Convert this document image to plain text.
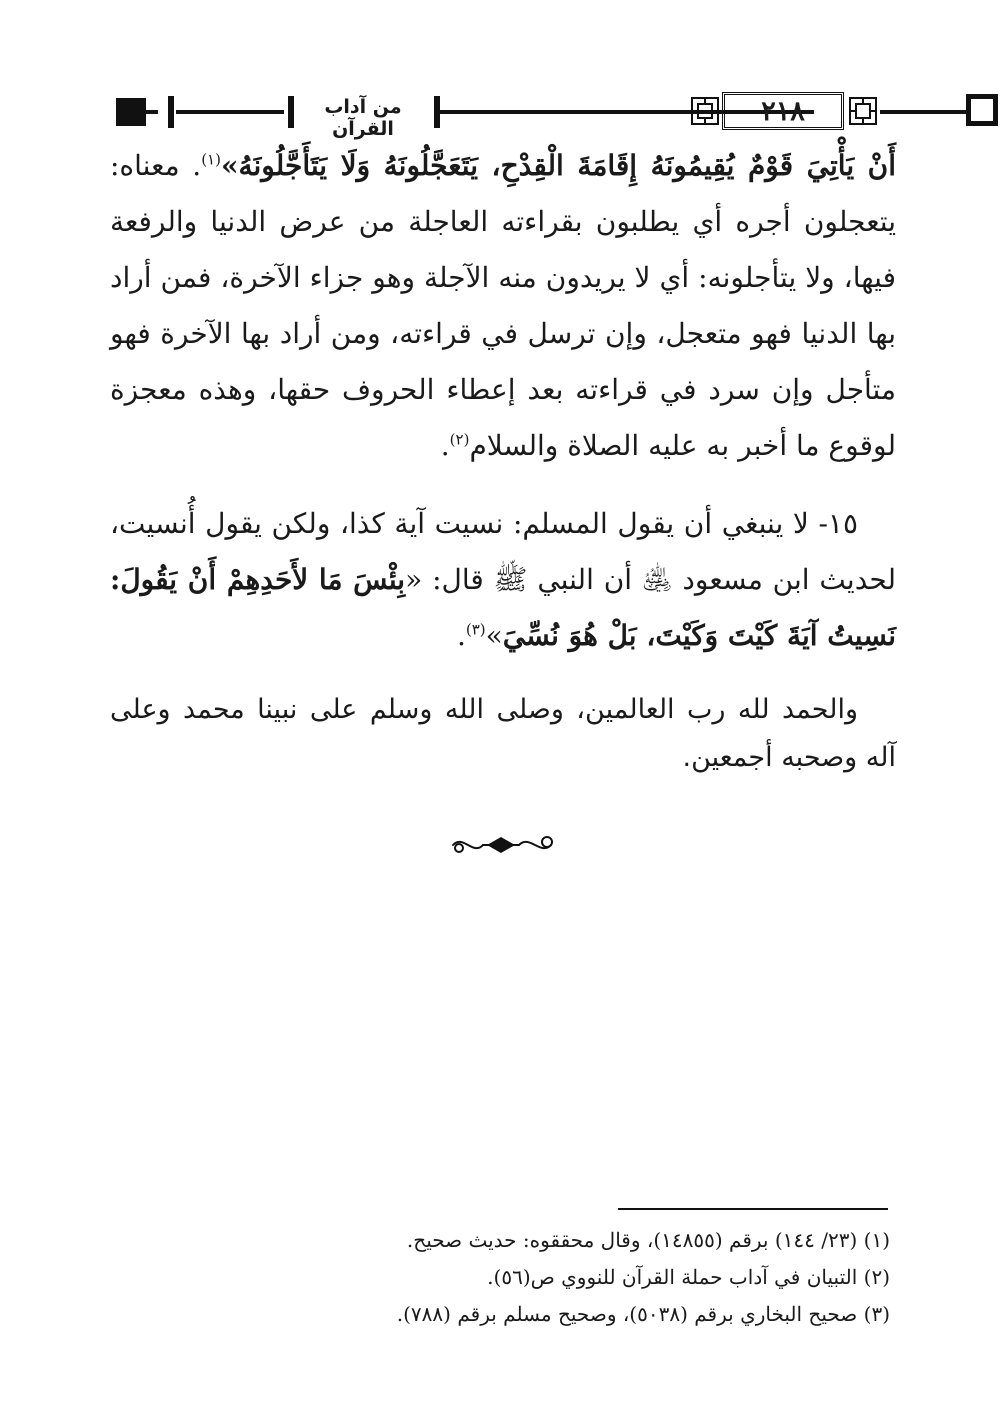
من آداب القرآن
٢١٨

أَنْ يَأْتِيَ قَوْمٌ يُقِيمُونَهُ إِقَامَةَ الْقِدْحِ، يَتَعَجَّلُونَهُ وَلَا يَتَأَجَّلُونَهُ»$^{(١)}$. معناه: يتعجلون أجره أي يطلبون بقراءته العاجلة من عرض الدنيا والرفعة فيها، ولا يتأجلونه: أي لا يريدون منه الآجلة وهو جزاء الآخرة، فمن أراد بها الدنيا فهو متعجل، وإن ترسل في قراءته، ومن أراد بها الآخرة فهو متأجل وإن سرد في قراءته بعد إعطاء الحروف حقها، وهذه معجزة لوقوع ما أخبر به عليه الصلاة والسلام$^{(٢)}$.

١٥- لا ينبغي أن يقول المسلم: نسيت آية كذا، ولكن يقول أُنسيت، لحديث ابن مسعود ﵁ أن النبي ﷺ قال: «بِئْسَ مَا لأَحَدِهِمْ أَنْ يَقُولَ: نَسِيتُ آيَةَ كَيْتَ وَكَيْتَ، بَلْ هُوَ نُسِّيَ»$^{(٣)}$.

والحمد لله رب العالمين، وصلى الله وسلم على نبينا محمد وعلى آله وصحبه أجمعين.

(١) (٢٣/ ١٤٤) برقم (١٤٨٥٥)، وقال محققوه: حديث صحيح.
(٢) التبيان في آداب حملة القرآن للنووي ص(٥٦).
(٣) صحيح البخاري برقم (٥٠٣٨)، وصحيح مسلم برقم (٧٨٨).
